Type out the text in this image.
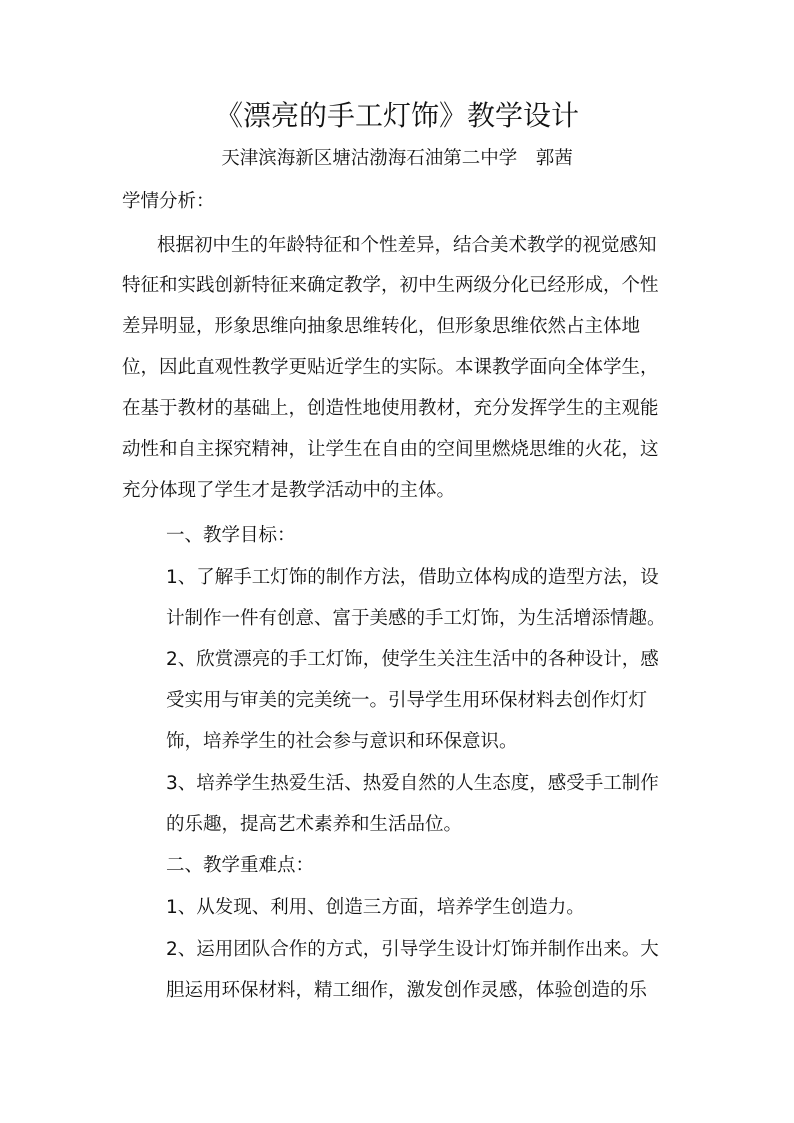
《漂亮的手工灯饰》教学设计
天津滨海新区塘沽渤海石油第二中学　郭茜
学情分析：
根据初中生的年龄特征和个性差异，结合美术教学的视觉感知
特征和实践创新特征来确定教学，初中生两级分化已经形成，个性
差异明显，形象思维向抽象思维转化，但形象思维依然占主体地
位，因此直观性教学更贴近学生的实际。本课教学面向全体学生，
在基于教材的基础上，创造性地使用教材，充分发挥学生的主观能
动性和自主探究精神，让学生在自由的空间里燃烧思维的火花，这
充分体现了学生才是教学活动中的主体。
一、教学目标：
1、了解手工灯饰的制作方法，借助立体构成的造型方法，设
计制作一件有创意、富于美感的手工灯饰，为生活增添情趣。
2、欣赏漂亮的手工灯饰，使学生关注生活中的各种设计，感
受实用与审美的完美统一。引导学生用环保材料去创作灯灯
饰，培养学生的社会参与意识和环保意识。
3、培养学生热爱生活、热爱自然的人生态度，感受手工制作
的乐趣，提高艺术素养和生活品位。
二、教学重难点：
1、从发现、利用、创造三方面，培养学生创造力。
2、运用团队合作的方式，引导学生设计灯饰并制作出来。大
胆运用环保材料，精工细作，激发创作灵感，体验创造的乐
